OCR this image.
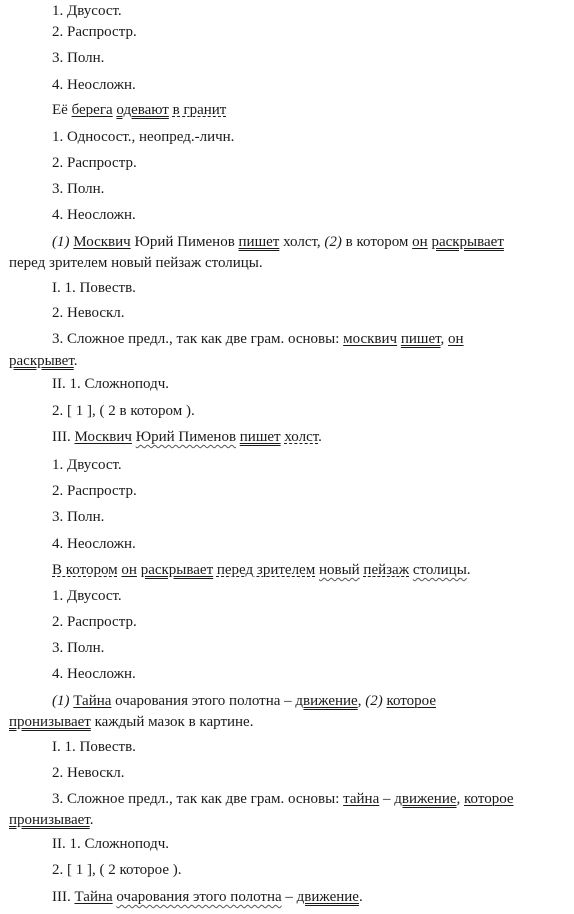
1. Двусост.
2. Распростр.
3. Полн.
4. Неосложн.
Её берега одевают в гранит
1. Односост., неопред.-личн.
2. Распростр.
3. Полн.
4. Неосложн.
(1) Москвич Юрий Пименов пишет холст, (2) в котором он раскрывает
перед зрителем новый пейзаж столицы.
I. 1. Повеств.
2. Невоскл.
3. Сложное предл., так как две грам. основы: москвич пишет, он
раскрывет.
II. 1. Сложноподч.
2. [ 1 ], ( 2 в котором ).
III. Москвич Юрий Пименов пишет холст.
1. Двусост.
2. Распростр.
3. Полн.
4. Неосложн.
В котором он раскрывает перед зрителем новый пейзаж столицы.
1. Двусост.
2. Распростр.
3. Полн.
4. Неосложн.
(1) Тайна очарования этого полотна – движение, (2) которое
пронизывает каждый мазок в картине.
I. 1. Повеств.
2. Невоскл.
3. Сложное предл., так как две грам. основы: тайна – движение, которое
пронизывает.
II. 1. Сложноподч.
2. [ 1 ], ( 2 которое ).
III. Тайна очарования этого полотна – движение.
